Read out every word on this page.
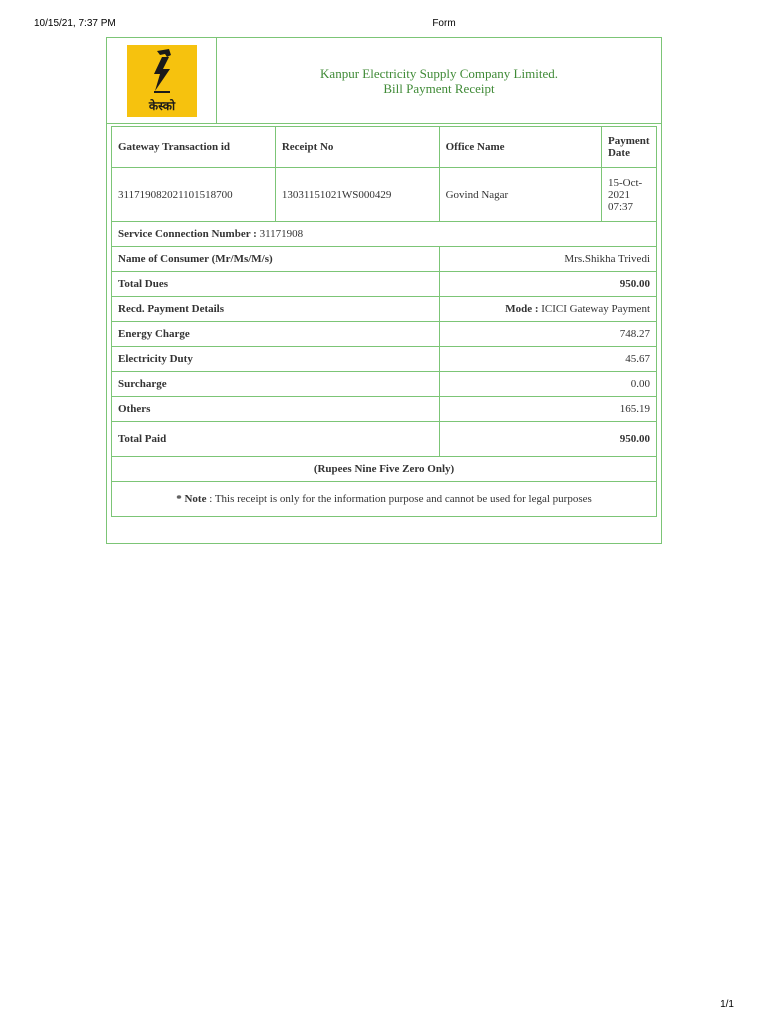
10/15/21, 7:37 PM	Form
केस्को
Kanpur Electricity Supply Company Limited.
Bill Payment Receipt
Gateway Transaction id	Receipt No	Office Name	Payment Date
311719082021101518700	13031151021WS000429	Govind Nagar	15-Oct-2021 07:37
Service Connection Number : 31171908			
Name of Consumer (Mr/Ms/M/s)		Mrs.Shikha Trivedi	
Total Dues		950.00	
Recd. Payment Details		Mode : ICICI Gateway Payment	
Energy Charge		748.27	
Electricity Duty		45.67	
Surcharge		0.00	
Others		165.19	
Total Paid		950.00	
(Rupees Nine Five Zero Only)			
* Note : This receipt is only for the information purpose and cannot be used for legal purposes			
1/1
